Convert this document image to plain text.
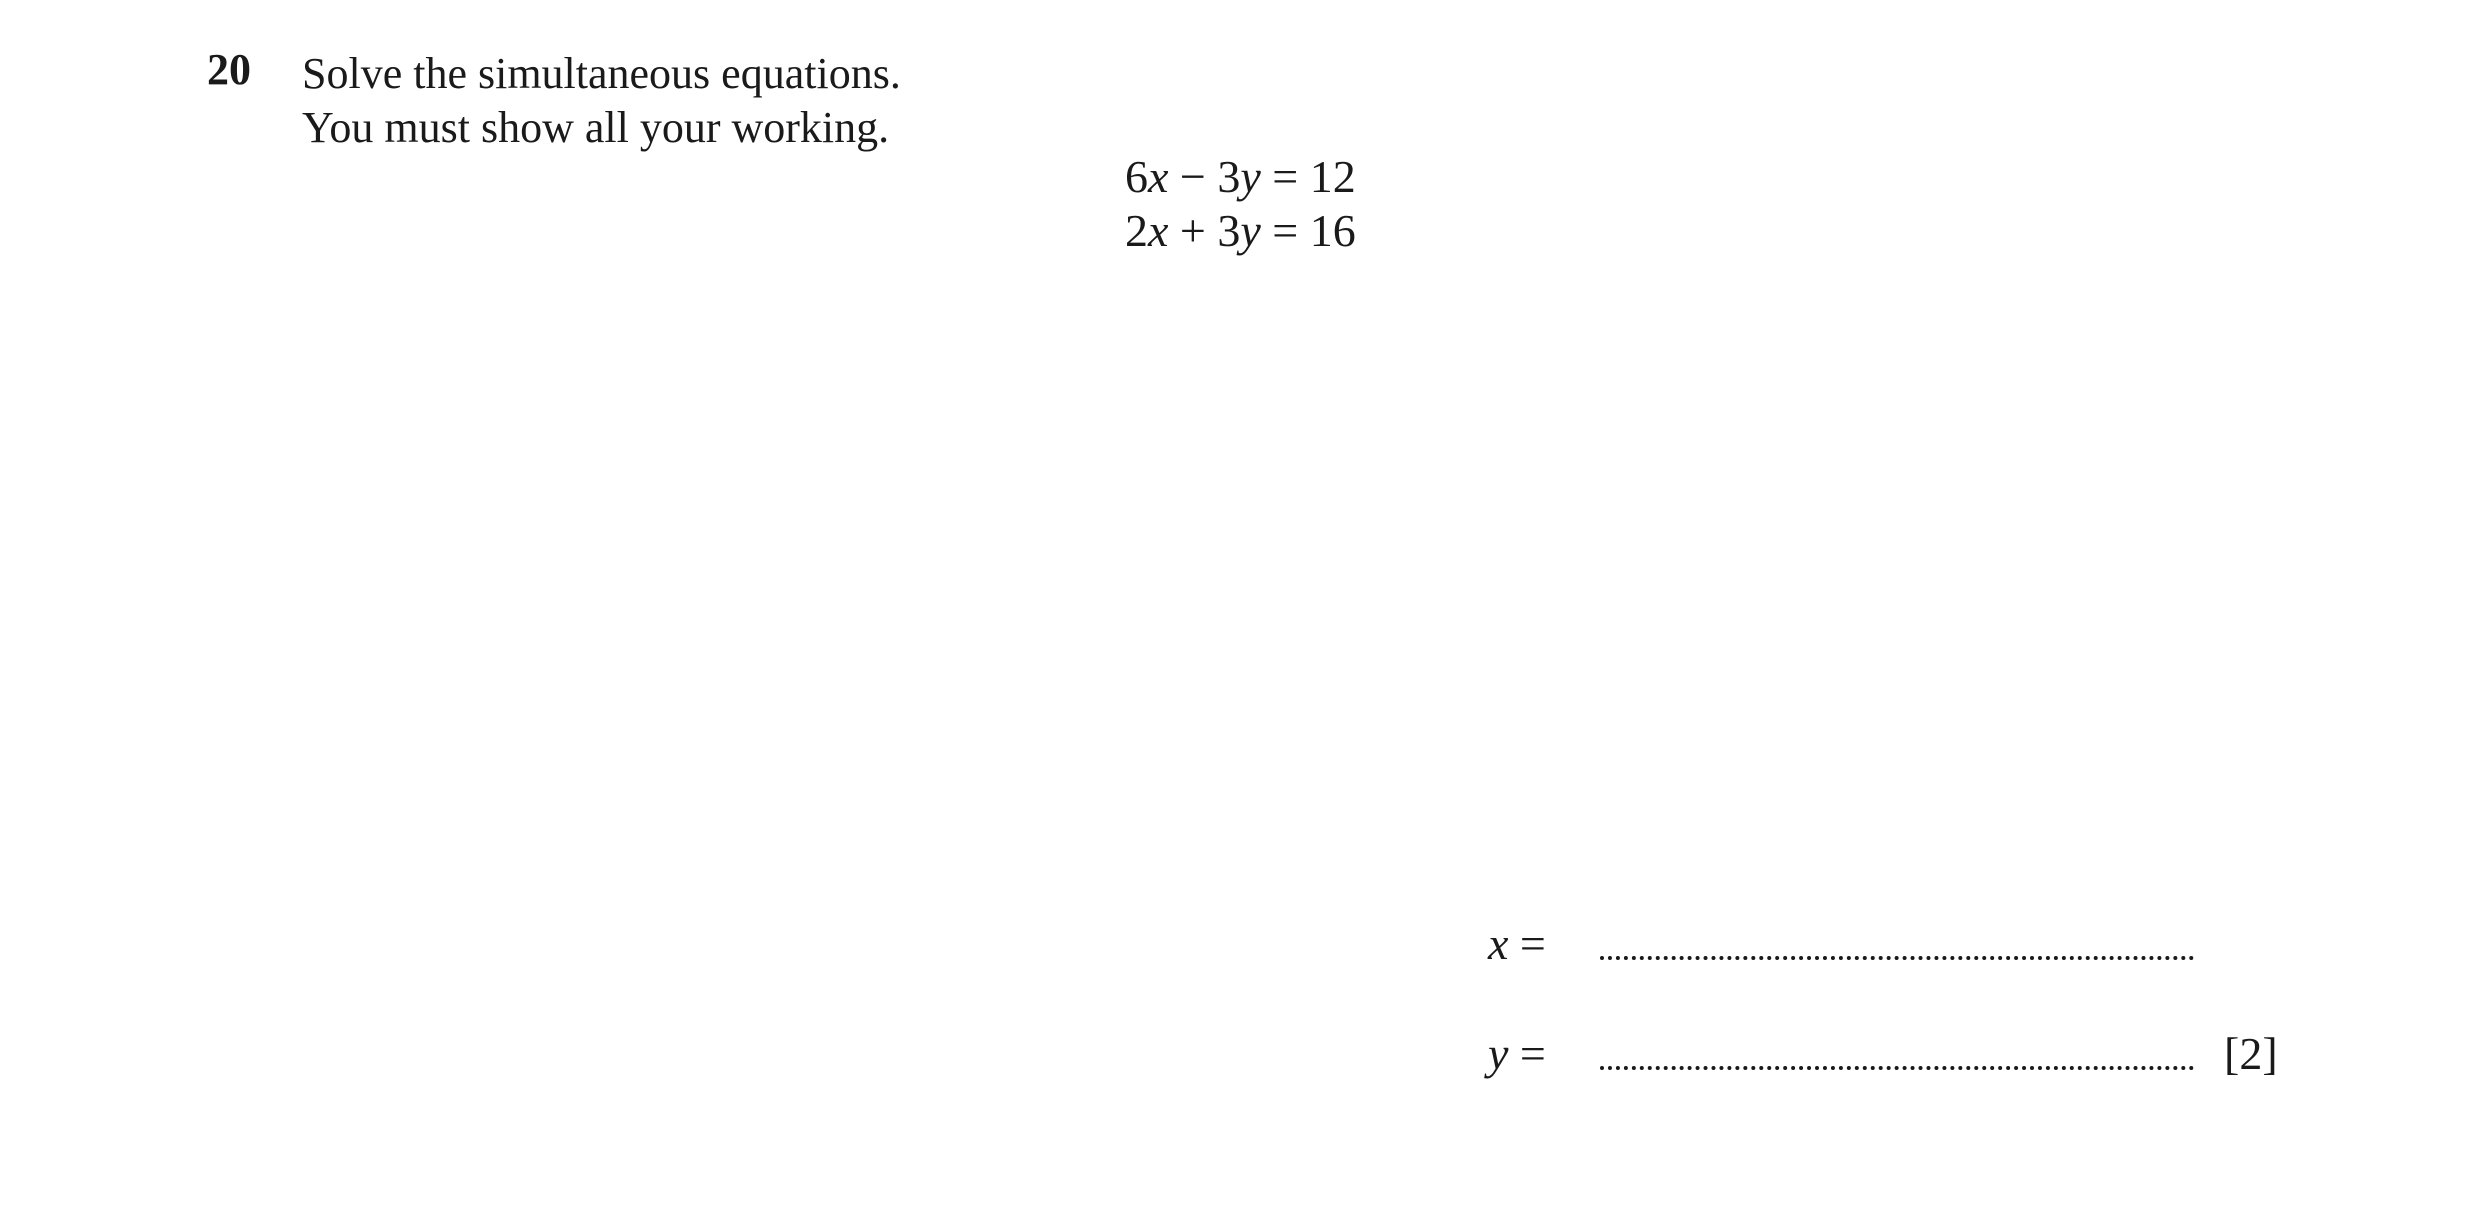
20 Solve the simultaneous equations.
You must show all your working.
6x − 3y = 12
2x + 3y = 16
x =
y =	[2]
